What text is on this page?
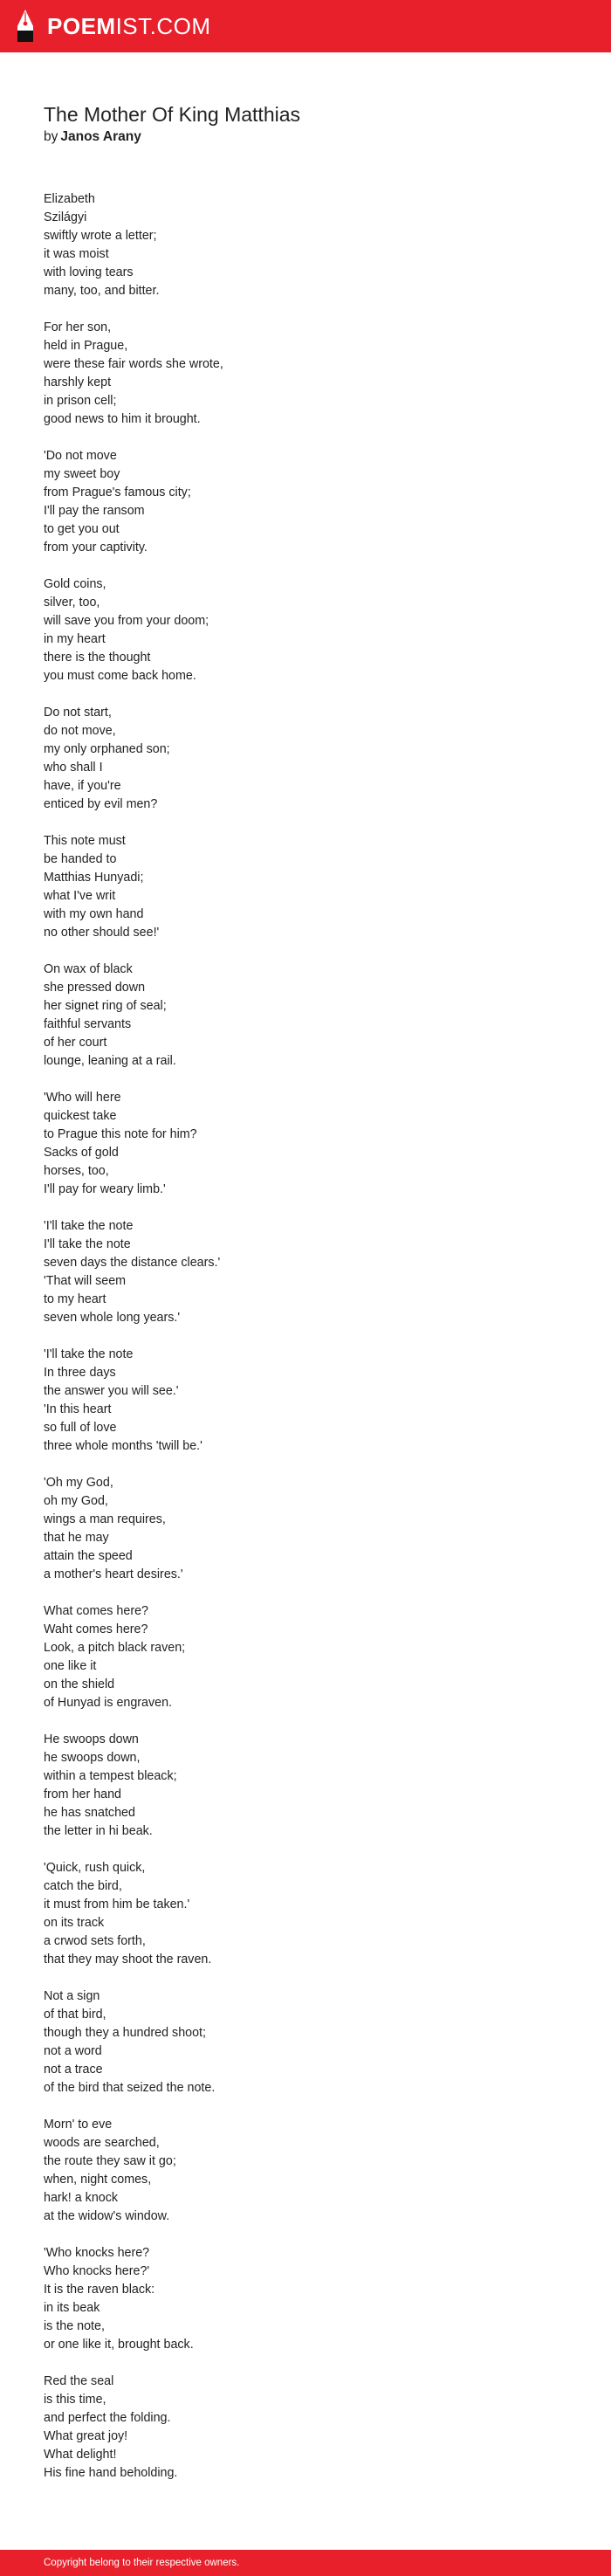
POEMIST.COM
The Mother Of King Matthias
by Janos Arany
Elizabeth
Szilágyi
swiftly wrote a letter;
it was moist
with loving tears
many, too, and bitter.
For her son,
held in Prague,
were these fair words she wrote,
harshly kept
in prison cell;
good news to him it brought.
'Do not move
my sweet boy
from Prague's famous city;
I'll pay the ransom
to get you out
from your captivity.
Gold coins,
silver, too,
will save you from your doom;
in my heart
there is the thought
you must come back home.
Do not start,
do not move,
my only orphaned son;
who shall I
have, if you're
enticed by evil men?
This note must
be handed to
Matthias Hunyadi;
what I've writ
with my own hand
no other should see!'
On wax of black
she pressed down
her signet ring of seal;
faithful servants
of her court
lounge, leaning at a rail.
'Who will here
quickest take
to Prague this note for him?
Sacks of gold
horses, too,
I'll pay for weary limb.'
'I'll take the note
I'll take the note
seven days the distance clears.'
'That will seem
to my heart
seven whole long years.'
'I'll take the note
In three days
the answer you will see.'
'In this heart
so full of love
three whole months 'twill be.'
'Oh my God,
oh my God,
wings a man requires,
that he may
attain the speed
a mother's heart desires.'
What comes here?
Waht comes here?
Look, a pitch black raven;
one like it
on the shield
of Hunyad is engraven.
He swoops down
he swoops down,
within a tempest bleack;
from her hand
he has snatched
the letter in hi beak.
'Quick, rush quick,
catch the bird,
it must from him be taken.'
on its track
a crwod sets forth,
that they may shoot the raven.
Not a sign
of that bird,
though they a hundred shoot;
not a word
not a trace
of the bird that seized the note.
Morn' to eve
woods are searched,
the route they saw it go;
when, night comes,
hark! a knock
at the widow's window.
'Who knocks here?
Who knocks here?'
It is the raven black:
in its beak
is the note,
or one like it, brought back.
Red the seal
is this time,
and perfect the folding.
What great joy!
What delight!
His fine hand beholding.
Copyright belong to their respective owners.
